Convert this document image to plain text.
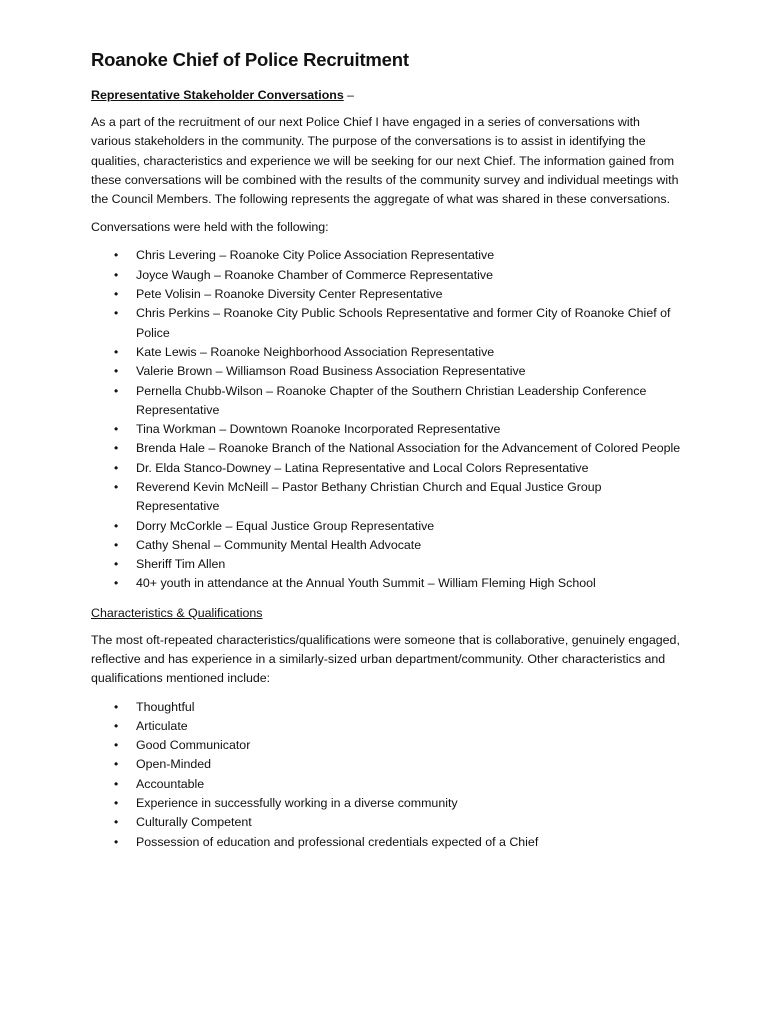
Roanoke Chief of Police Recruitment

Representative Stakeholder Conversations –

As a part of the recruitment of our next Police Chief I have engaged in a series of conversations with various stakeholders in the community. The purpose of the conversations is to assist in identifying the qualities, characteristics and experience we will be seeking for our next Chief. The information gained from these conversations will be combined with the results of the community survey and individual meetings with the Council Members. The following represents the aggregate of what was shared in these conversations.

Conversations were held with the following:

• Chris Levering – Roanoke City Police Association Representative
• Joyce Waugh – Roanoke Chamber of Commerce Representative
• Pete Volisin – Roanoke Diversity Center Representative
• Chris Perkins – Roanoke City Public Schools Representative and former City of Roanoke Chief of Police
• Kate Lewis – Roanoke Neighborhood Association Representative
• Valerie Brown – Williamson Road Business Association Representative
• Pernella Chubb-Wilson – Roanoke Chapter of the Southern Christian Leadership Conference Representative
• Tina Workman – Downtown Roanoke Incorporated Representative
• Brenda Hale – Roanoke Branch of the National Association for the Advancement of Colored People
• Dr. Elda Stanco-Downey – Latina Representative and Local Colors Representative
• Reverend Kevin McNeill – Pastor Bethany Christian Church and Equal Justice Group Representative
• Dorry McCorkle – Equal Justice Group Representative
• Cathy Shenal – Community Mental Health Advocate
• Sheriff Tim Allen
• 40+ youth in attendance at the Annual Youth Summit – William Fleming High School

Characteristics & Qualifications

The most oft-repeated characteristics/qualifications were someone that is collaborative, genuinely engaged, reflective and has experience in a similarly-sized urban department/community. Other characteristics and qualifications mentioned include:

• Thoughtful
• Articulate
• Good Communicator
• Open-Minded
• Accountable
• Experience in successfully working in a diverse community
• Culturally Competent
• Possession of education and professional credentials expected of a Chief
